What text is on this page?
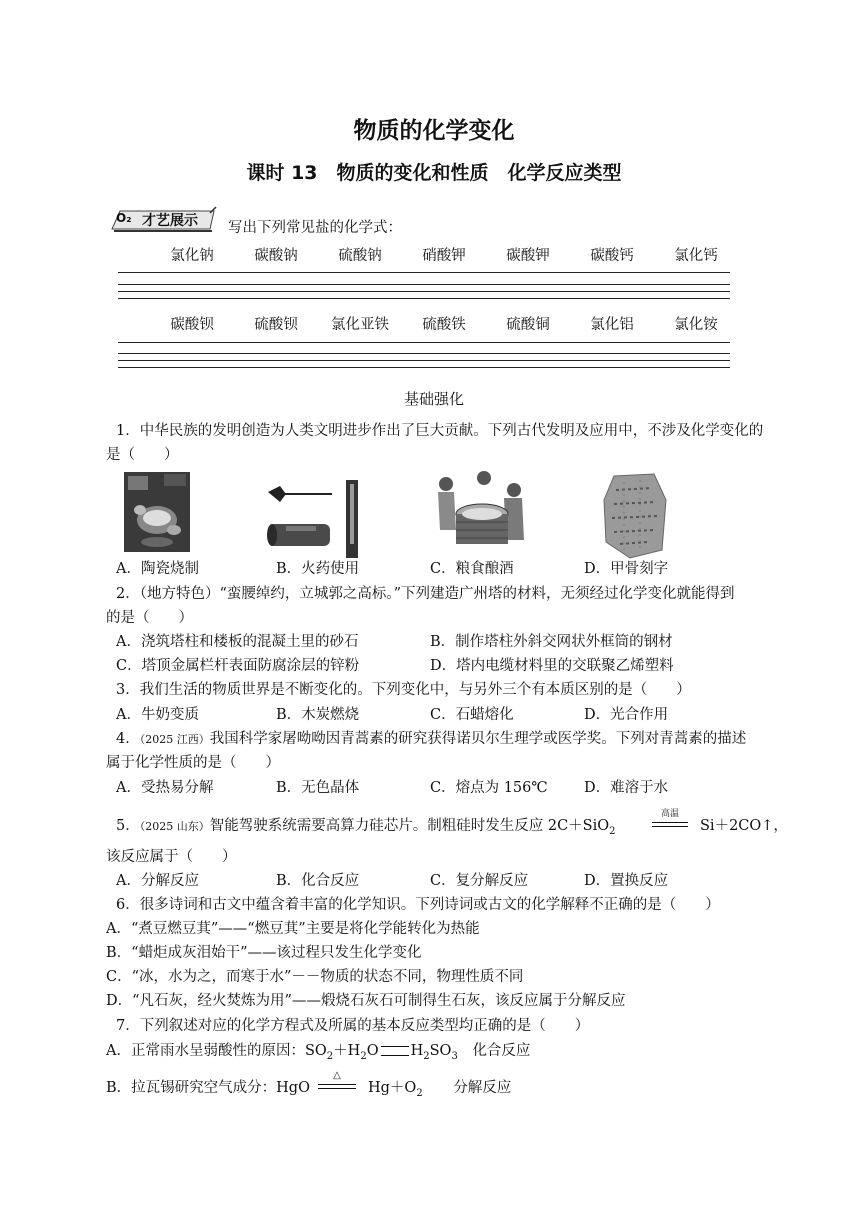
物质的化学变化
课时 13　物质的变化和性质　化学反应类型
O₂ 才艺展示 写出下列常见盐的化学式：
氯化钠	碳酸钠	硫酸钠	硝酸钾	碳酸钾	碳酸钙	氯化钙
碳酸钡	硫酸钡	氯化亚铁	硫酸铁	硫酸铜	氯化铝	氯化铵
基础强化
1．中华民族的发明创造为人类文明进步作出了巨大贡献。下列古代发明及应用中，不涉及化学变化的
是（　　）
A．陶瓷烧制	B．火药使用	C．粮食酿酒	D．甲骨刻字
2．（地方特色）“蛮腰绰约，立城郭之高标。”下列建造广州塔的材料，无须经过化学变化就能得到
的是（　　）
A．浇筑塔柱和楼板的混凝土里的砂石	B．制作塔柱外斜交网状外框筒的钢材
C．塔顶金属栏杆表面防腐涂层的锌粉	D．塔内电缆材料里的交联聚乙烯塑料
3．我们生活的物质世界是不断变化的。下列变化中，与另外三个有本质区别的是（　　）
A．牛奶变质	B．木炭燃烧	C．石蜡熔化	D．光合作用
4．（2025 江西）我国科学家屠呦呦因青蒿素的研究获得诺贝尔生理学或医学奖。下列对青蒿素的描述
属于化学性质的是（　　）
A．受热易分解	B．无色晶体	C．熔点为 156℃	D．难溶于水
5．（2025 山东）智能驾驶系统需要高算力硅芯片。制粗硅时发生反应 2C＋SiO$_2$
高温
Si＋2CO↑，
该反应属于（　　）
A．分解反应	B．化合反应	C．复分解反应	D．置换反应
6．很多诗词和古文中蕴含着丰富的化学知识。下列诗词或古文的化学解释不正确的是（　　）
A．“煮豆燃豆萁”——“燃豆萁”主要是将化学能转化为热能
B．“蜡炬成灰泪始干”——该过程只发生化学变化
C．“冰，水为之，而寒于水”－－物质的状态不同，物理性质不同
D．“凡石灰，经火焚炼为用”——煅烧石灰石可制得生石灰，该反应属于分解反应
7．下列叙述对应的化学方程式及所属的基本反应类型均正确的是（　　）
A．正常雨水呈弱酸性的原因：$SO_2+H_2O$ $H_2SO_3$ 化合反应
B．拉瓦锡研究空气成分：HgO
△
$Hg+O_2$ 分解反应
